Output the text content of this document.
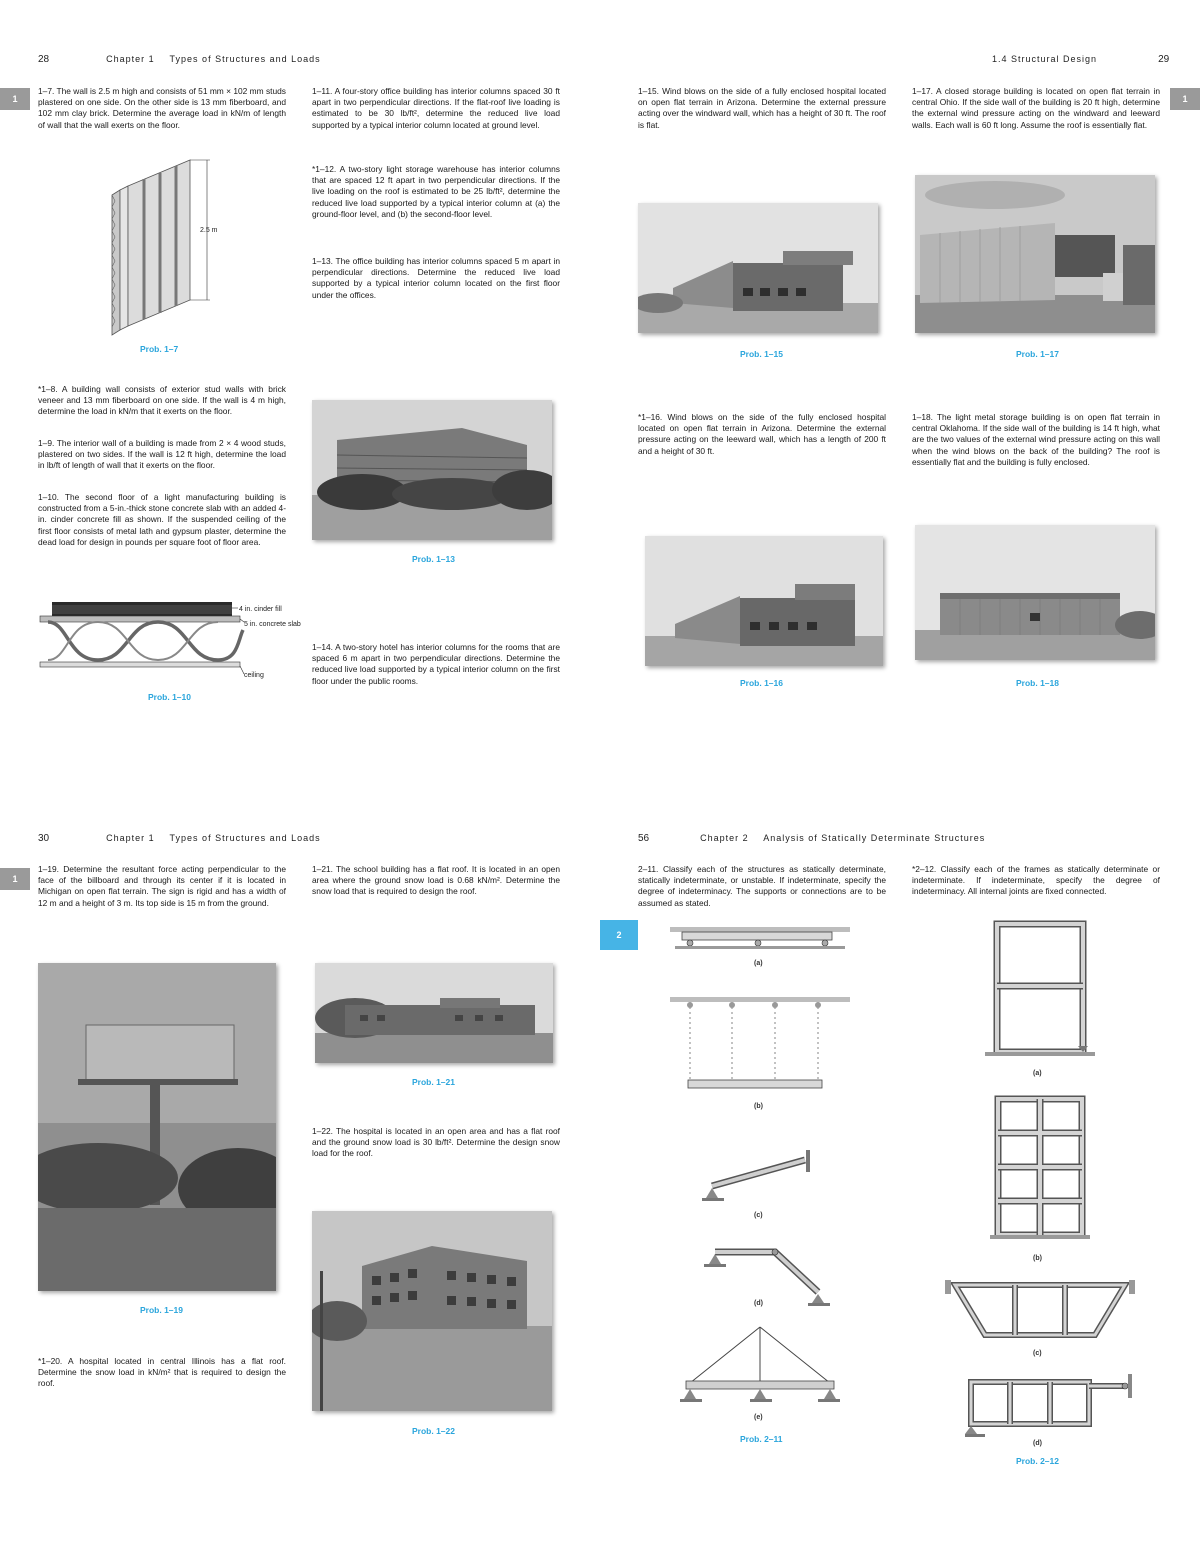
28	Chapter 1 Types of Structures and Loads
1
1–7. The wall is 2.5 m high and consists of 51 mm × 102 mm studs plastered on one side. On the other side is 13 mm fiberboard, and 102 mm clay brick. Determine the average load in kN/m of length of wall that the wall exerts on the floor.
2.5 m
Prob. 1–7
*1–8. A building wall consists of exterior stud walls with brick veneer and 13 mm fiberboard on one side. If the wall is 4 m high, determine the load in kN/m that it exerts on the floor.
1–9. The interior wall of a building is made from 2 × 4 wood studs, plastered on two sides. If the wall is 12 ft high, determine the load in lb/ft of length of wall that it exerts on the floor.
1–10. The second floor of a light manufacturing building is constructed from a 5-in.-thick stone concrete slab with an added 4-in. cinder concrete fill as shown. If the suspended ceiling of the first floor consists of metal lath and gypsum plaster, determine the dead load for design in pounds per square foot of floor area.
4 in. cinder fill
5 in. concrete slab
ceiling
Prob. 1–10
1–11. A four-story office building has interior columns spaced 30 ft apart in two perpendicular directions. If the flat-roof live loading is estimated to be 30 lb/ft², determine the reduced live load supported by a typical interior column located at ground level.
*1–12. A two-story light storage warehouse has interior columns that are spaced 12 ft apart in two perpendicular directions. If the live loading on the roof is estimated to be 25 lb/ft², determine the reduced live load supported by a typical interior column at (a) the ground-floor level, and (b) the second-floor level.
1–13. The office building has interior columns spaced 5 m apart in perpendicular directions. Determine the reduced live load supported by a typical interior column located on the first floor under the offices.
Prob. 1–13
1–14. A two-story hotel has interior columns for the rooms that are spaced 6 m apart in two perpendicular directions. Determine the reduced live load supported by a typical interior column on the first floor under the public rooms.
1.4 Structural Design	29
1
1–15. Wind blows on the side of a fully enclosed hospital located on open flat terrain in Arizona. Determine the external pressure acting over the windward wall, which has a height of 30 ft. The roof is flat.
Prob. 1–15
*1–16. Wind blows on the side of the fully enclosed hospital located on open flat terrain in Arizona. Determine the external pressure acting on the leeward wall, which has a length of 200 ft and a height of 30 ft.
Prob. 1–16
1–17. A closed storage building is located on open flat terrain in central Ohio. If the side wall of the building is 20 ft high, determine the external wind pressure acting on the windward and leeward walls. Each wall is 60 ft long. Assume the roof is essentially flat.
Prob. 1–17
1–18. The light metal storage building is on open flat terrain in central Oklahoma. If the side wall of the building is 14 ft high, what are the two values of the external wind pressure acting on this wall when the wind blows on the back of the building? The roof is essentially flat and the building is fully enclosed.
Prob. 1–18
30	Chapter 1 Types of Structures and Loads
1
1–19. Determine the resultant force acting perpendicular to the face of the billboard and through its center if it is located in Michigan on open flat terrain. The sign is rigid and has a width of 12 m and a height of 3 m. Its top side is 15 m from the ground.
Prob. 1–19
*1–20. A hospital located in central Illinois has a flat roof. Determine the snow load in kN/m² that is required to design the roof.
1–21. The school building has a flat roof. It is located in an open area where the ground snow load is 0.68 kN/m². Determine the snow load that is required to design the roof.
Prob. 1–21
1–22. The hospital is located in an open area and has a flat roof and the ground snow load is 30 lb/ft². Determine the design snow load for the roof.
Prob. 1–22
56	Chapter 2 Analysis of Statically Determinate Structures
2
2–11. Classify each of the structures as statically determinate, statically indeterminate, or unstable. If indeterminate, specify the degree of indeterminacy. The supports or connections are to be assumed as stated.
(a)
(b)
(c)
(d)
(e)
Prob. 2–11
*2–12. Classify each of the frames as statically determinate or indeterminate. If indeterminate, specify the degree of indeterminacy. All internal joints are fixed connected.
(a)
(b)
(c)
(d)
Prob. 2–12
